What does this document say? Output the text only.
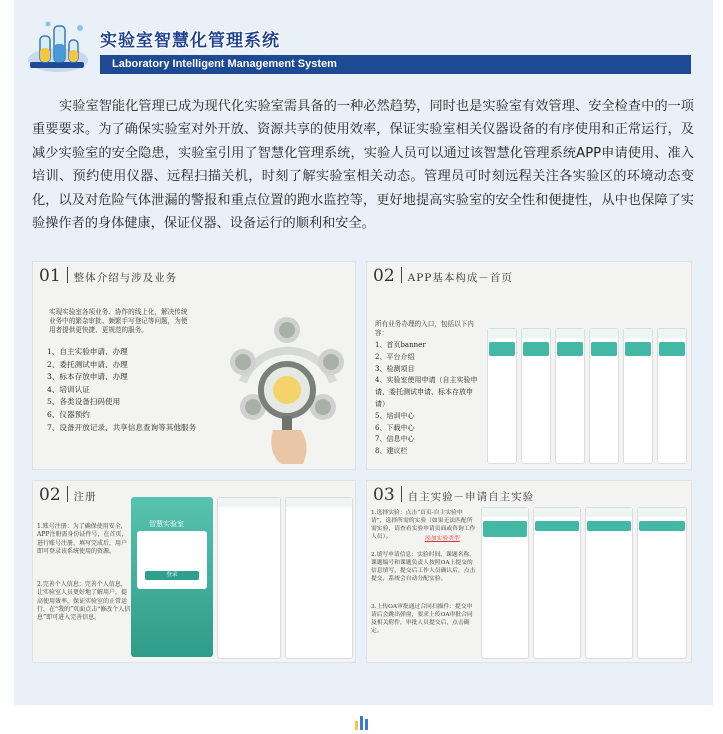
实验室智慧化管理系统
Laboratory Intelligent Management System

实验室智能化管理已成为现代化实验室需具备的一种必然趋势，同时也是实验室有效管理、安全检查中的一项重要要求。为了确保实验室对外开放、资源共享的使用效率，保证实验室相关仪器设备的有序使用和正常运行，及减少实验室的安全隐患，实验室引用了智慧化管理系统，实验人员可以通过该智慧化管理系统APP申请使用、准入培训、预约使用仪器、远程扫描关机，时刻了解实验室相关动态。管理员可时刻远程关注各实验区的环境动态变化，以及对危险气体泄漏的警报和重点位置的跑水监控等，更好地提高实验室的安全性和便捷性，从中也保障了实验操作者的身体健康，保证仪器、设备运行的顺利和安全。

01 整体介绍与涉及业务
实现实验室各项业务、协作的线上化，解决传统业务中的繁杂审批、频繁手写登记等问题，为使用者提供更快捷、更规范的服务。

1、自主实验申请、办理

2、委托测试申请、办理

3、标本存放申请、办理

4、培训认证

5、各类设备扫码使用

6、仪器预约

7、设备开放记录、共享信息查询等其他服务

02 APP基本构成－首页
所有业务办理的入口，包括以下内容：

1、首页banner

2、平台介绍

3、检测项目

4、实验室使用申请（自主实验申请、委托测试申请、标本存放申请）

5、培训中心

6、下载中心

7、信息中心

8、建议栏

02 注册
1.账号注册：为了确保使用安全，APP注册需身份证件号，在首页，进行账号注册，填写完成后，用户即可登录该系统使用的资源。
2.完善个人信息：完善个人信息，让实验室人员更好地了解用户，提高使用效率，保证实验室的正常运行，在“我的”页面点击“修改个人信息”即可进入完善信息。
智慧实验室
登录
03 自主实验－申请自主实验
1.选择实验：点击“首页-自主实验申请”，选择所需的实验（如果无法匹配所需实验，请查看实验申请页面或咨询工作人员）。	添加实验类型
2.填写申请信息：实验时间、课题名称、课题编号和课题负责人按照OA上提交的信息填写，提交后工作人员确认后，点击提交，系统会自动分配实验。
3.上传OA审批通过合同扫描件：提交申请后会跳出弹窗，要求上传OA审批合同及相关附件，审批人员提交后，点击确定。
